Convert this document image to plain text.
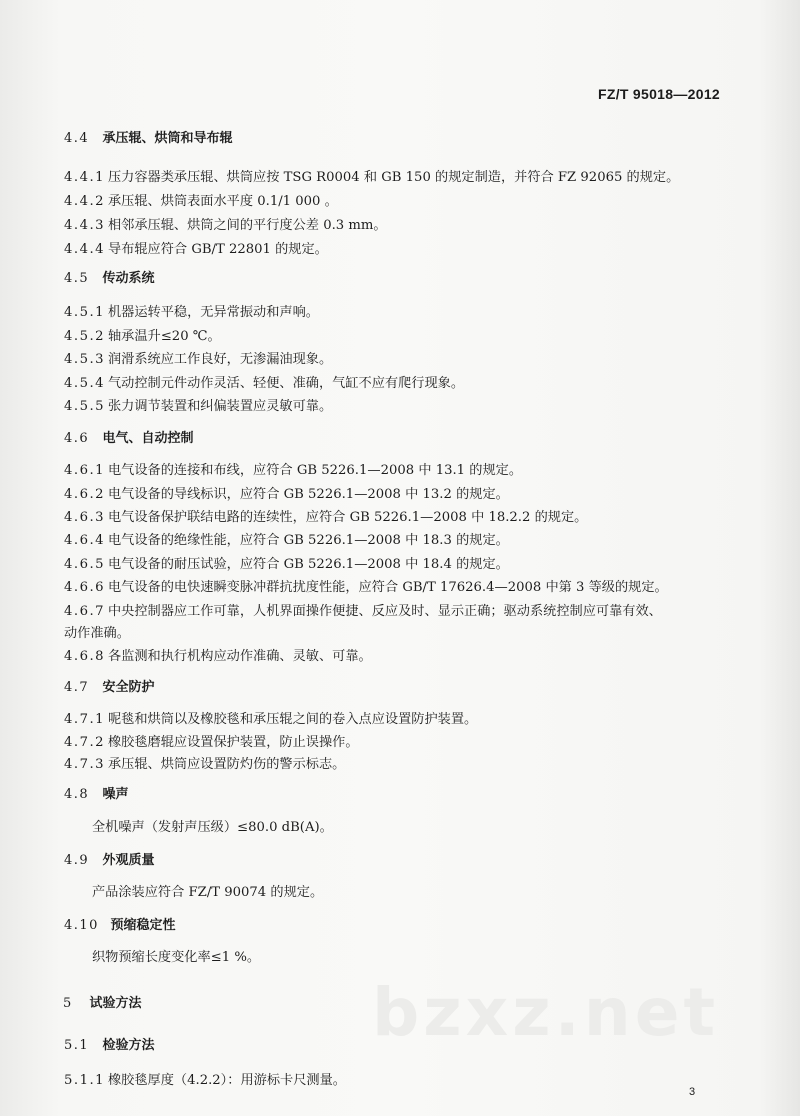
FZ/T 95018—2012
4.4 承压辊、烘筒和导布辊
4.4.1 压力容器类承压辊、烘筒应按 TSG R0004 和 GB 150 的规定制造，并符合 FZ 92065 的规定。
4.4.2 承压辊、烘筒表面水平度 0.1/1 000 。
4.4.3 相邻承压辊、烘筒之间的平行度公差 0.3 mm。
4.4.4 导布辊应符合 GB/T 22801 的规定。
4.5 传动系统
4.5.1 机器运转平稳，无异常振动和声响。
4.5.2 轴承温升≤20 ℃。
4.5.3 润滑系统应工作良好，无渗漏油现象。
4.5.4 气动控制元件动作灵活、轻便、准确，气缸不应有爬行现象。
4.5.5 张力调节装置和纠偏装置应灵敏可靠。
4.6 电气、自动控制
4.6.1 电气设备的连接和布线，应符合 GB 5226.1—2008 中 13.1 的规定。
4.6.2 电气设备的导线标识，应符合 GB 5226.1—2008 中 13.2 的规定。
4.6.3 电气设备保护联结电路的连续性，应符合 GB 5226.1—2008 中 18.2.2 的规定。
4.6.4 电气设备的绝缘性能，应符合 GB 5226.1—2008 中 18.3 的规定。
4.6.5 电气设备的耐压试验，应符合 GB 5226.1—2008 中 18.4 的规定。
4.6.6 电气设备的电快速瞬变脉冲群抗扰度性能，应符合 GB/T 17626.4—2008 中第 3 等级的规定。
4.6.7 中央控制器应工作可靠，人机界面操作便捷、反应及时、显示正确；驱动系统控制应可靠有效、
动作准确。
4.6.8 各监测和执行机构应动作准确、灵敏、可靠。
4.7 安全防护
4.7.1 呢毯和烘筒以及橡胶毯和承压辊之间的卷入点应设置防护装置。
4.7.2 橡胶毯磨辊应设置保护装置，防止误操作。
4.7.3 承压辊、烘筒应设置防灼伤的警示标志。
4.8 噪声
全机噪声（发射声压级）≤80.0 dB(A)。
4.9 外观质量
产品涂装应符合 FZ/T 90074 的规定。
4.10 预缩稳定性
织物预缩长度变化率≤1 %。
bzxz.net
5 试验方法
5.1 检验方法
5.1.1 橡胶毯厚度（4.2.2）：用游标卡尺测量。
3
